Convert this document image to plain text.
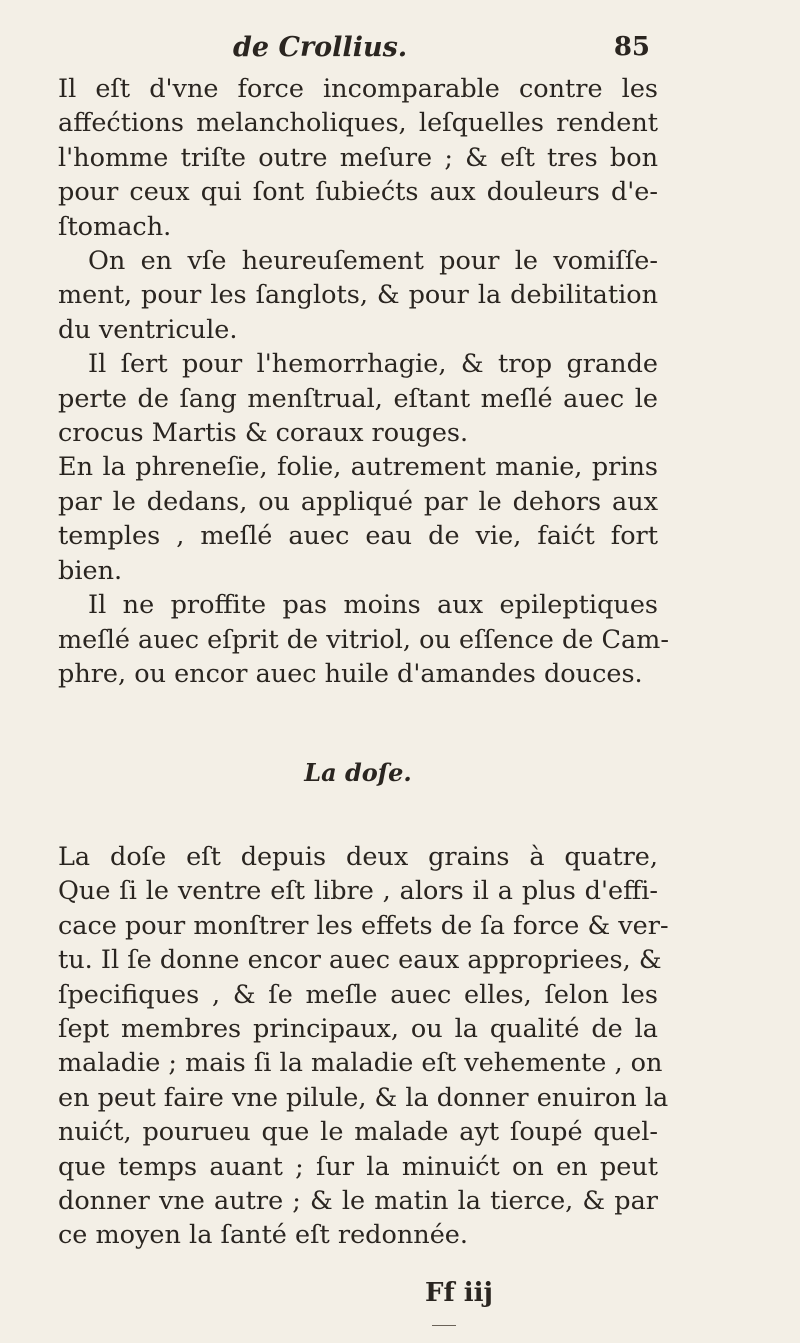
de Crollius.	85
Il eſt d'vne force incomparable contre les
affećtions melancholiques, leſquelles rendent
l'homme triſte outre meſure ; & eſt tres bon
pour ceux qui ſont ſubiećts aux douleurs d'e-
ſtomach.
On en vſe heureuſement pour le vomiſſe-
ment, pour les ſanglots, & pour la debilitation
du ventricule.
Il ſert pour l'hemorrhagie, & trop grande
perte de ſang menſtrual, eſtant meſlé auec le
crocus Martis & coraux rouges.
En la phreneſie, folie, autrement manie, prins
par le dedans, ou appliqué par le dehors aux
temples , meſlé auec eau de vie, faićt fort
bien.
Il ne proffite pas moins aux epileptiques
meſlé auec eſprit de vitriol, ou eſſence de Cam-
phre, ou encor auec huile d'amandes douces.
La doſe.
La doſe eſt depuis deux grains à quatre,
Que ſi le ventre eſt libre , alors il a plus d'effi-
cace pour monſtrer les effets de ſa force & ver-
tu. Il ſe donne encor auec eaux appropriees, &
ſpecifiques , & ſe meſle auec elles, ſelon les
ſept membres principaux, ou la qualité de la
maladie ; mais ſi la maladie eſt vehemente , on
en peut faire vne pilule, & la donner enuiron la
nuićt, pourueu que le malade ayt ſoupé quel-
que temps auant ; ſur la minuićt on en peut
donner vne autre ; & le matin la tierce, & par
ce moyen la ſanté eſt redonnée.
Ff iij
